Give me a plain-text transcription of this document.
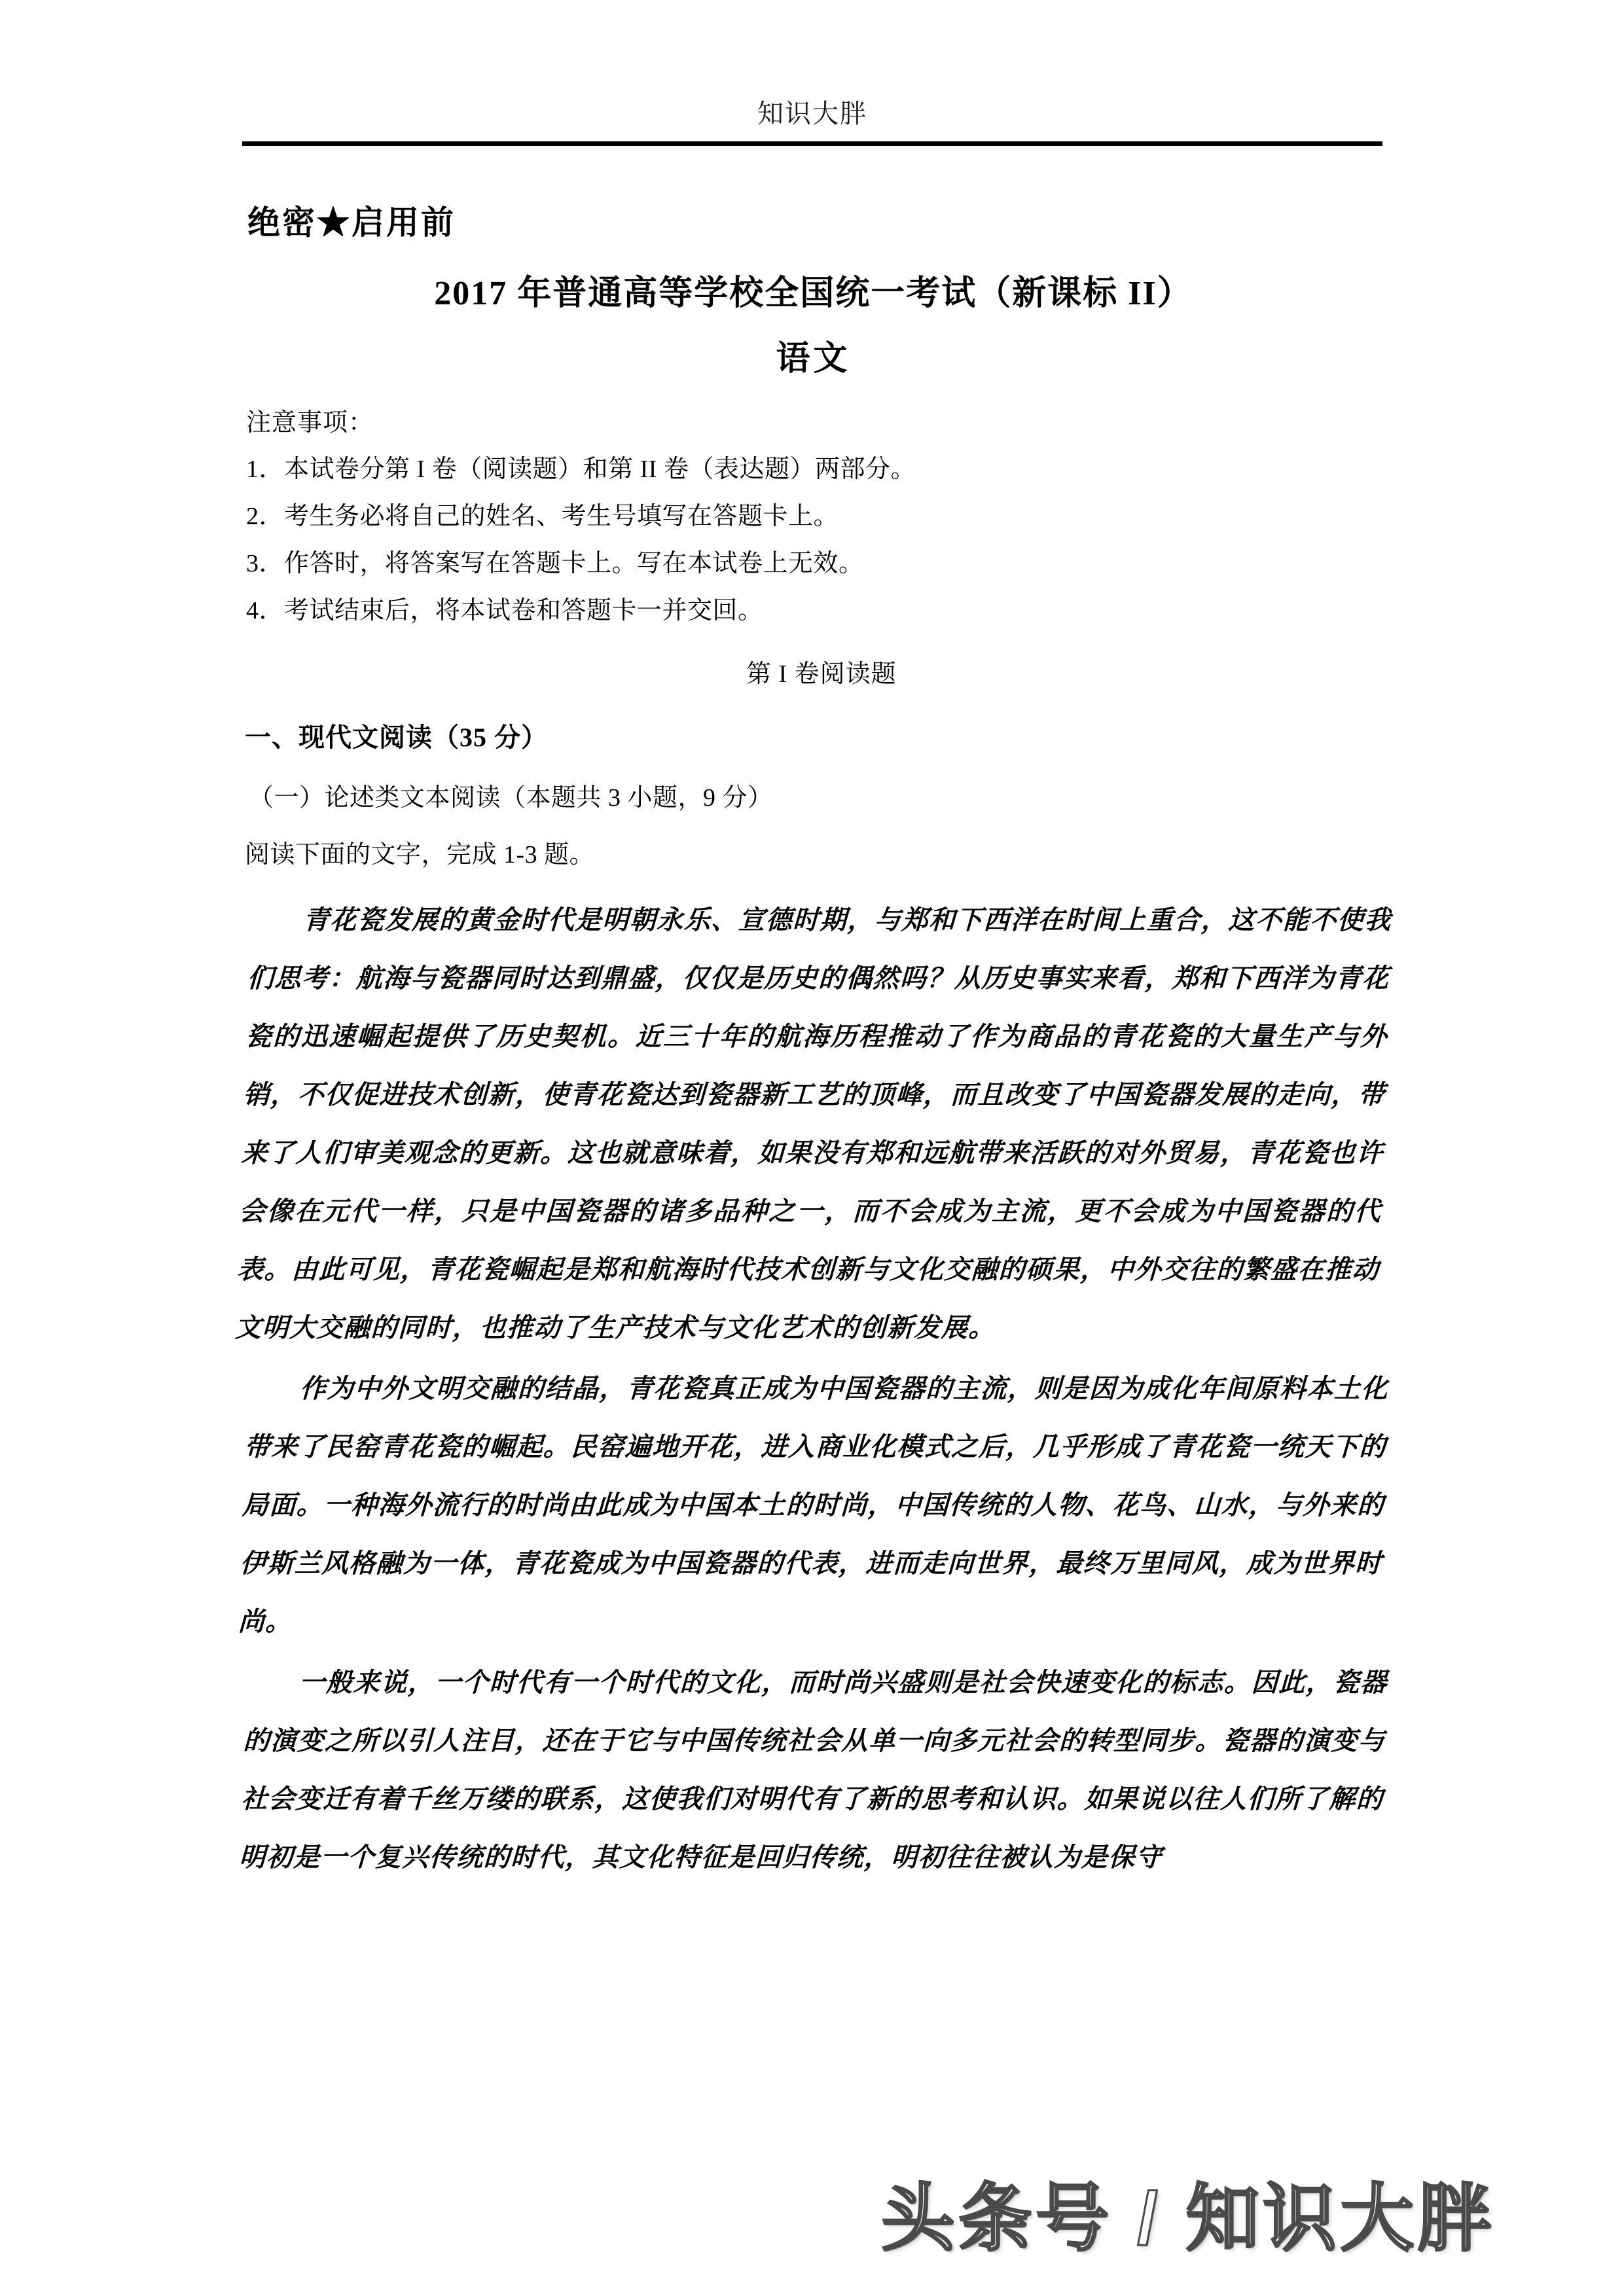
知识大胖
绝密★启用前
2017 年普通高等学校全国统一考试（新课标 II）
语文
注意事项：
1．本试卷分第 I 卷（阅读题）和第 II 卷（表达题）两部分。
2．考生务必将自己的姓名、考生号填写在答题卡上。
3．作答时，将答案写在答题卡上。写在本试卷上无效。
4．考试结束后，将本试卷和答题卡一并交回。
第 I 卷阅读题
一、现代文阅读（35 分）
（一）论述类文本阅读（本题共 3 小题，9 分）
阅读下面的文字，完成 1-3 题。

青花瓷发展的黄金时代是明朝永乐、宣德时期，与郑和下西洋在时间上重合，这不能不使我们思考：航海与瓷器同时达到鼎盛，仅仅是历史的偶然吗？从历史事实来看，郑和下西洋为青花瓷的迅速崛起提供了历史契机。近三十年的航海历程推动了作为商品的青花瓷的大量生产与外销，不仅促进技术创新，使青花瓷达到瓷器新工艺的顶峰，而且改变了中国瓷器发展的走向，带来了人们审美观念的更新。这也就意味着，如果没有郑和远航带来活跃的对外贸易，青花瓷也许会像在元代一样，只是中国瓷器的诸多品种之一，而不会成为主流，更不会成为中国瓷器的代表。由此可见，青花瓷崛起是郑和航海时代技术创新与文化交融的硕果，中外交往的繁盛在推动文明大交融的同时，也推动了生产技术与文化艺术的创新发展。

作为中外文明交融的结晶，青花瓷真正成为中国瓷器的主流，则是因为成化年间原料本土化带来了民窑青花瓷的崛起。民窑遍地开花，进入商业化模式之后，几乎形成了青花瓷一统天下的局面。一种海外流行的时尚由此成为中国本土的时尚，中国传统的人物、花鸟、山水，与外来的伊斯兰风格融为一体，青花瓷成为中国瓷器的代表，进而走向世界，最终万里同风，成为世界时尚。

一般来说，一个时代有一个时代的文化，而时尚兴盛则是社会快速变化的标志。因此，瓷器的演变之所以引人注目，还在于它与中国传统社会从单一向多元社会的转型同步。瓷器的演变与社会变迁有着千丝万缕的联系，这使我们对明代有了新的思考和认识。如果说以往人们所了解的明初是一个复兴传统的时代，其文化特征是回归传统，明初往往被认为是保守

头条号 / 知识大胖
